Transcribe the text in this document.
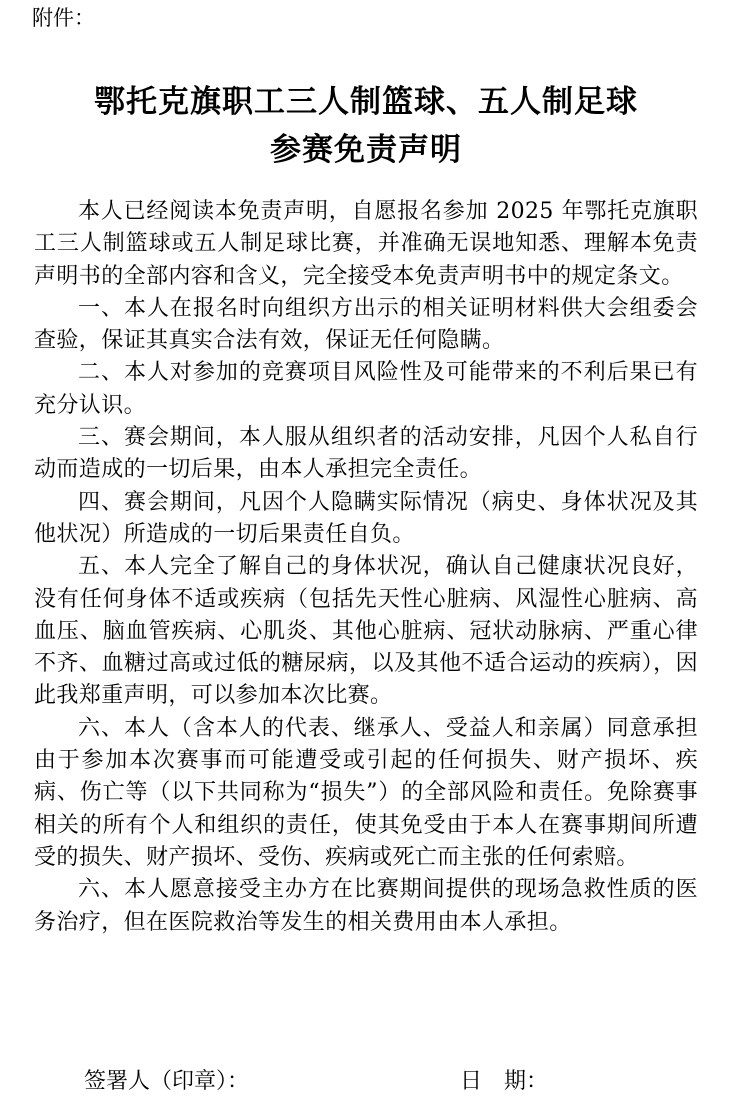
附件：
鄂托克旗职工三人制篮球、五人制足球
参赛免责声明

本人已经阅读本免责声明，自愿报名参加 2025 年鄂托克旗职工三人制篮球或五人制足球比赛，并准确无误地知悉、理解本免责声明书的全部内容和含义，完全接受本免责声明书中的规定条文。

一、本人在报名时向组织方出示的相关证明材料供大会组委会查验，保证其真实合法有效，保证无任何隐瞒。

二、本人对参加的竞赛项目风险性及可能带来的不利后果已有充分认识。

三、赛会期间，本人服从组织者的活动安排，凡因个人私自行动而造成的一切后果，由本人承担完全责任。

四、赛会期间，凡因个人隐瞒实际情况（病史、身体状况及其他状况）所造成的一切后果责任自负。

五、本人完全了解自己的身体状况，确认自己健康状况良好，没有任何身体不适或疾病（包括先天性心脏病、风湿性心脏病、高血压、脑血管疾病、心肌炎、其他心脏病、冠状动脉病、严重心律不齐、血糖过高或过低的糖尿病，以及其他不适合运动的疾病），因此我郑重声明，可以参加本次比赛。

六、本人（含本人的代表、继承人、受益人和亲属）同意承担由于参加本次赛事而可能遭受或引起的任何损失、财产损坏、疾病、伤亡等（以下共同称为“损失”）的全部风险和责任。免除赛事相关的所有个人和组织的责任，使其免受由于本人在赛事期间所遭受的损失、财产损坏、受伤、疾病或死亡而主张的任何索赔。

六、本人愿意接受主办方在比赛期间提供的现场急救性质的医务治疗，但在医院救治等发生的相关费用由本人承担。

签署人（印章）：	日　期：
